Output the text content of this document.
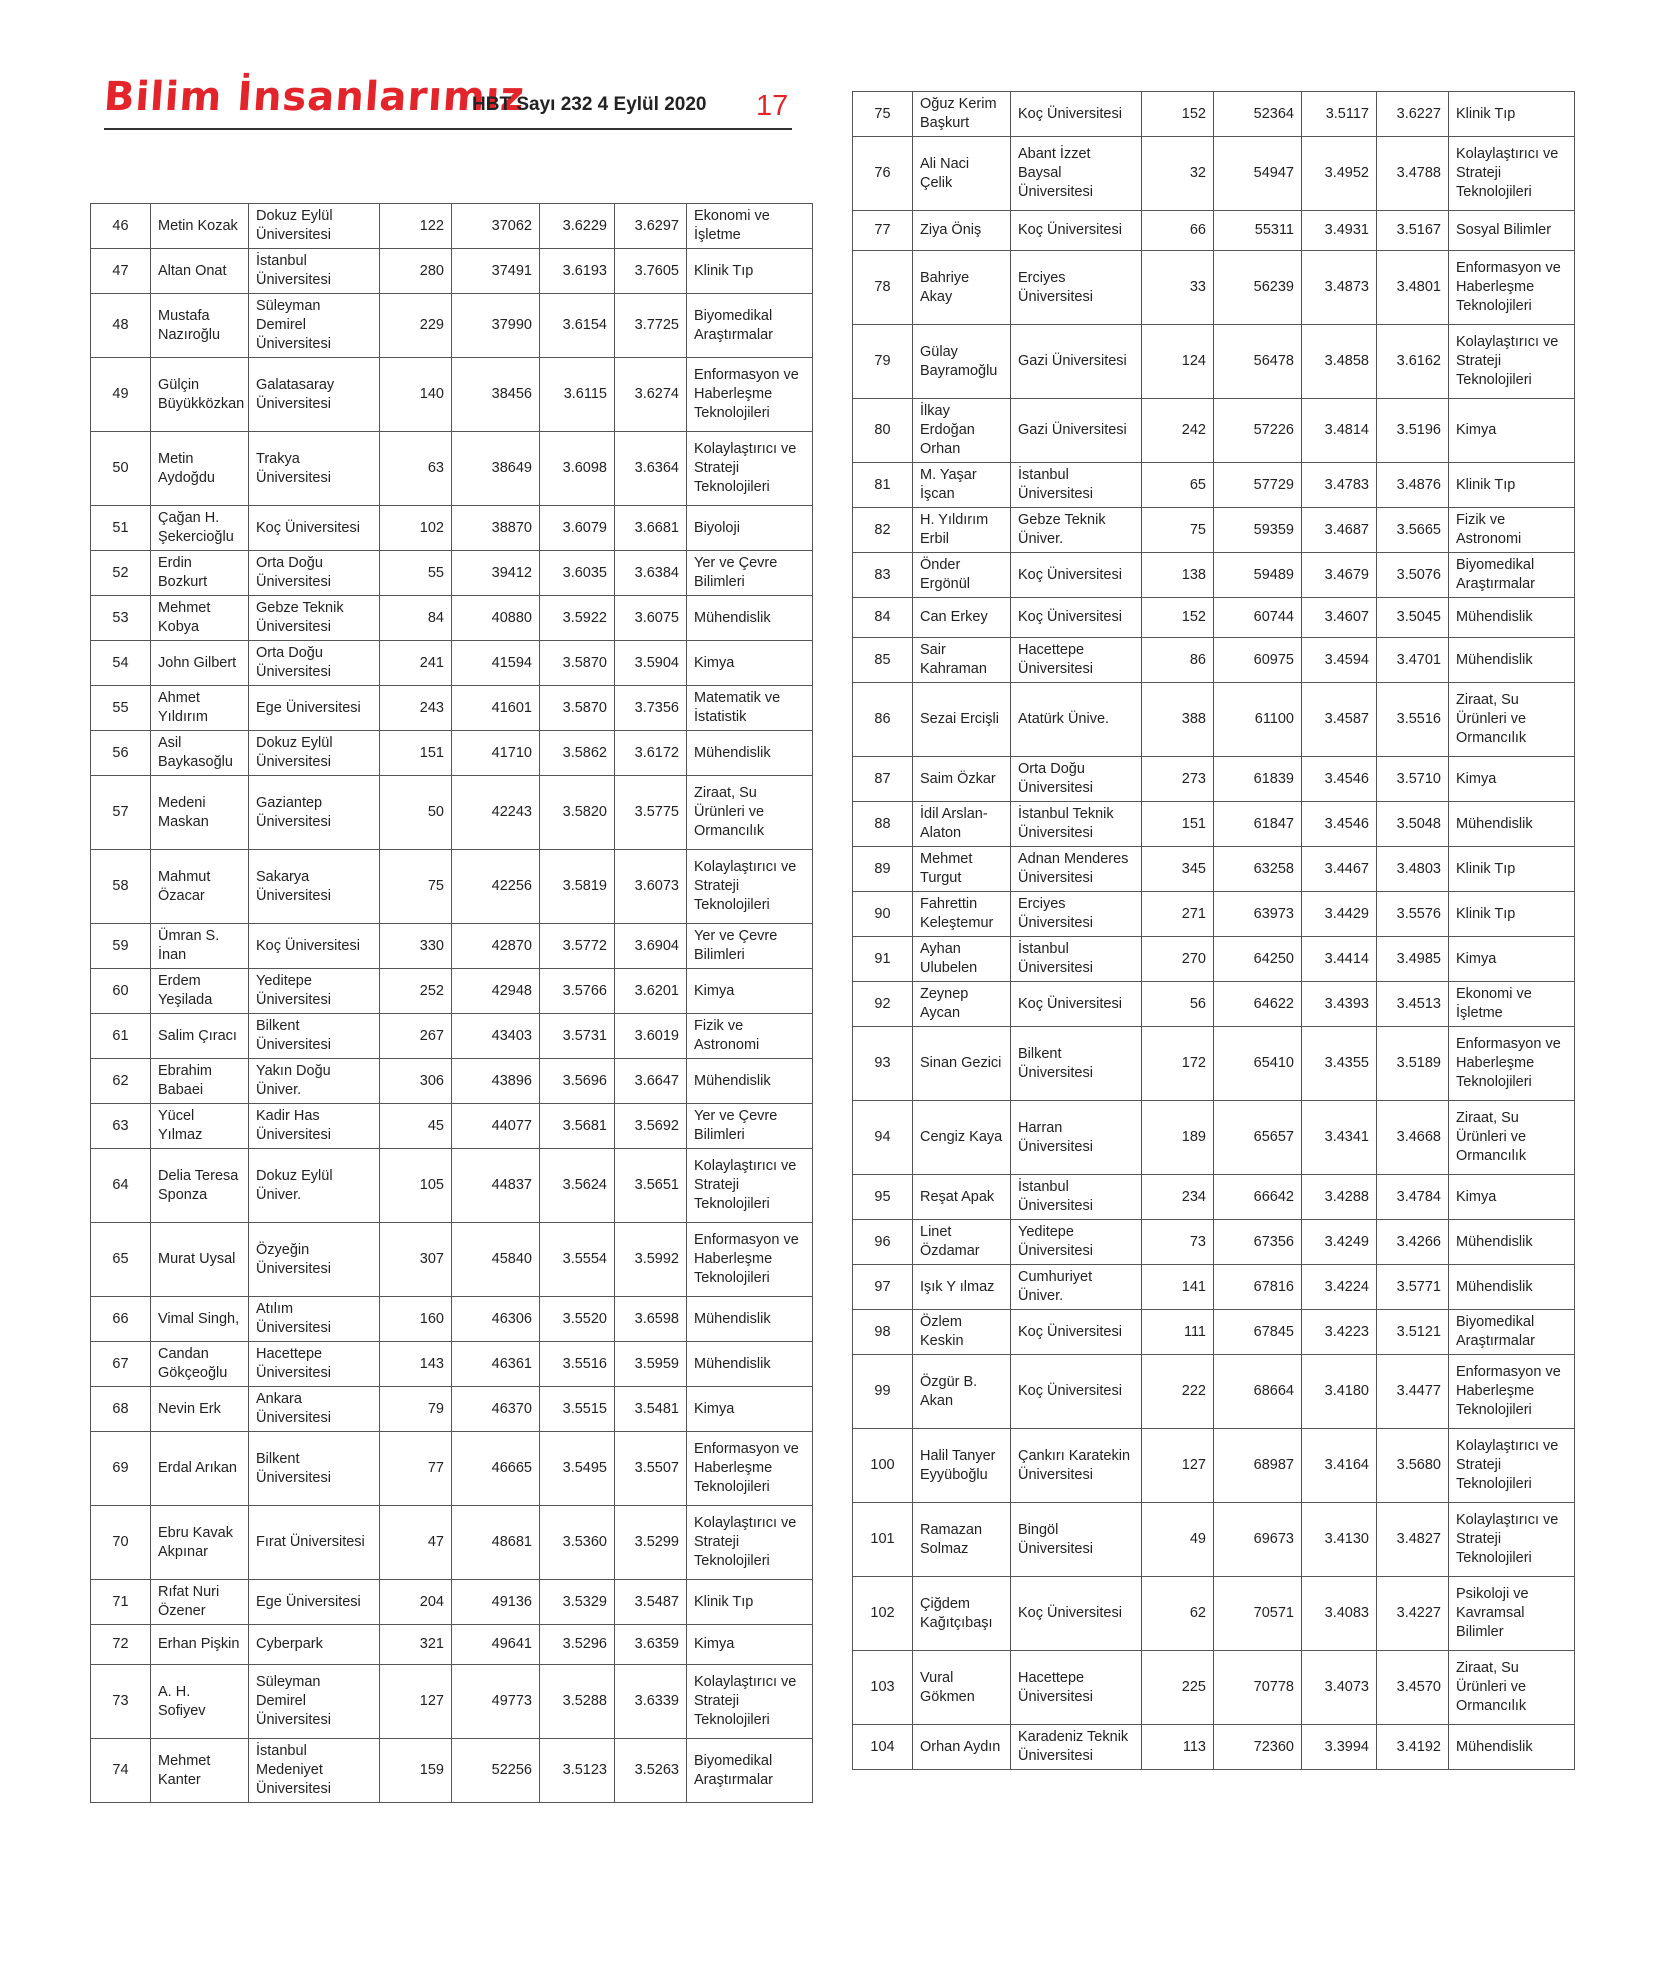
Bilim İnsanlarımız
HBT Sayı 232 4 Eylül 2020 17
46	Metin Kozak	Dokuz Eylül Üniversitesi	122	37062	3.6229	3.6297	Ekonomi ve İşletme
47	Altan Onat	İstanbul Üniversitesi	280	37491	3.6193	3.7605	Klinik Tıp
48	Mustafa Nazıroğlu	Süleyman Demirel Üniversitesi	229	37990	3.6154	3.7725	Biyomedikal Araştırmalar
49	Gülçin Büyükközkan	Galatasaray Üniversitesi	140	38456	3.6115	3.6274	Enformasyon ve Haberleşme Teknolojileri
50	Metin Aydoğdu	Trakya Üniversitesi	63	38649	3.6098	3.6364	Kolaylaştırıcı ve Strateji Teknolojileri
51	Çağan H. Şekercioğlu	Koç Üniversitesi	102	38870	3.6079	3.6681	Biyoloji
52	Erdin Bozkurt	Orta Doğu Üniversitesi	55	39412	3.6035	3.6384	Yer ve Çevre Bilimleri
53	Mehmet Kobya	Gebze Teknik Üniversitesi	84	40880	3.5922	3.6075	Mühendislik
54	John Gilbert	Orta Doğu Üniversitesi	241	41594	3.5870	3.5904	Kimya
55	Ahmet Yıldırım	Ege Üniversitesi	243	41601	3.5870	3.7356	Matematik ve İstatistik
56	Asil Baykasoğlu	Dokuz Eylül Üniversitesi	151	41710	3.5862	3.6172	Mühendislik
57	Medeni Maskan	Gaziantep Üniversitesi	50	42243	3.5820	3.5775	Ziraat, Su Ürünleri ve Ormancılık
58	Mahmut Özacar	Sakarya Üniversitesi	75	42256	3.5819	3.6073	Kolaylaştırıcı ve Strateji Teknolojileri
59	Ümran S. İnan	Koç Üniversitesi	330	42870	3.5772	3.6904	Yer ve Çevre Bilimleri
60	Erdem Yeşilada	Yeditepe Üniversitesi	252	42948	3.5766	3.6201	Kimya
61	Salim Çıracı	Bilkent Üniversitesi	267	43403	3.5731	3.6019	Fizik ve Astronomi
62	Ebrahim Babaei	Yakın Doğu Üniver.	306	43896	3.5696	3.6647	Mühendislik
63	Yücel Yılmaz	Kadir Has Üniversitesi	45	44077	3.5681	3.5692	Yer ve Çevre Bilimleri
64	Delia Teresa Sponza	Dokuz Eylül Üniver.	105	44837	3.5624	3.5651	Kolaylaştırıcı ve Strateji Teknolojileri
65	Murat Uysal	Özyeğin Üniversitesi	307	45840	3.5554	3.5992	Enformasyon ve Haberleşme Teknolojileri
66	Vimal Singh,	Atılım Üniversitesi	160	46306	3.5520	3.6598	Mühendislik
67	Candan Gökçeoğlu	Hacettepe Üniversitesi	143	46361	3.5516	3.5959	Mühendislik
68	Nevin Erk	Ankara Üniversitesi	79	46370	3.5515	3.5481	Kimya
69	Erdal Arıkan	Bilkent Üniversitesi	77	46665	3.5495	3.5507	Enformasyon ve Haberleşme Teknolojileri
70	Ebru Kavak Akpınar	Fırat Üniversitesi	47	48681	3.5360	3.5299	Kolaylaştırıcı ve Strateji Teknolojileri
71	Rıfat Nuri Özener	Ege Üniversitesi	204	49136	3.5329	3.5487	Klinik Tıp
72	Erhan Pişkin	Cyberpark	321	49641	3.5296	3.6359	Kimya
73	A. H. Sofiyev	Süleyman Demirel Üniversitesi	127	49773	3.5288	3.6339	Kolaylaştırıcı ve Strateji Teknolojileri
74	Mehmet Kanter	İstanbul Medeniyet Üniversitesi	159	52256	3.5123	3.5263	Biyomedikal Araştırmalar
75	Oğuz Kerim Başkurt	Koç Üniversitesi	152	52364	3.5117	3.6227	Klinik Tıp
76	Ali Naci Çelik	Abant İzzet Baysal Üniversitesi	32	54947	3.4952	3.4788	Kolaylaştırıcı ve Strateji Teknolojileri
77	Ziya Öniş	Koç Üniversitesi	66	55311	3.4931	3.5167	Sosyal Bilimler
78	Bahriye Akay	Erciyes Üniversitesi	33	56239	3.4873	3.4801	Enformasyon ve Haberleşme Teknolojileri
79	Gülay Bayramoğlu	Gazi Üniversitesi	124	56478	3.4858	3.6162	Kolaylaştırıcı ve Strateji Teknolojileri
80	İlkay Erdoğan Orhan	Gazi Üniversitesi	242	57226	3.4814	3.5196	Kimya
81	M. Yaşar İşcan	İstanbul Üniversitesi	65	57729	3.4783	3.4876	Klinik Tıp
82	H. Yıldırım Erbil	Gebze Teknik Üniver.	75	59359	3.4687	3.5665	Fizik ve Astronomi
83	Önder Ergönül	Koç Üniversitesi	138	59489	3.4679	3.5076	Biyomedikal Araştırmalar
84	Can Erkey	Koç Üniversitesi	152	60744	3.4607	3.5045	Mühendislik
85	Sair Kahraman	Hacettepe Üniversitesi	86	60975	3.4594	3.4701	Mühendislik
86	Sezai Ercişli	Atatürk Ünive.	388	61100	3.4587	3.5516	Ziraat, Su Ürünleri ve Ormancılık
87	Saim Özkar	Orta Doğu Üniversitesi	273	61839	3.4546	3.5710	Kimya
88	İdil Arslan-Alaton	İstanbul Teknik Üniversitesi	151	61847	3.4546	3.5048	Mühendislik
89	Mehmet Turgut	Adnan Menderes Üniversitesi	345	63258	3.4467	3.4803	Klinik Tıp
90	Fahrettin Keleştemur	Erciyes Üniversitesi	271	63973	3.4429	3.5576	Klinik Tıp
91	Ayhan Ulubelen	İstanbul Üniversitesi	270	64250	3.4414	3.4985	Kimya
92	Zeynep Aycan	Koç Üniversitesi	56	64622	3.4393	3.4513	Ekonomi ve İşletme
93	Sinan Gezici	Bilkent Üniversitesi	172	65410	3.4355	3.5189	Enformasyon ve Haberleşme Teknolojileri
94	Cengiz Kaya	Harran Üniversitesi	189	65657	3.4341	3.4668	Ziraat, Su Ürünleri ve Ormancılık
95	Reşat Apak	İstanbul Üniversitesi	234	66642	3.4288	3.4784	Kimya
96	Linet Özdamar	Yeditepe Üniversitesi	73	67356	3.4249	3.4266	Mühendislik
97	Işık Y ılmaz	Cumhuriyet Üniver.	141	67816	3.4224	3.5771	Mühendislik
98	Özlem Keskin	Koç Üniversitesi	111	67845	3.4223	3.5121	Biyomedikal Araştırmalar
99	Özgür B. Akan	Koç Üniversitesi	222	68664	3.4180	3.4477	Enformasyon ve Haberleşme Teknolojileri
100	Halil Tanyer Eyyüboğlu	Çankırı Karatekin Üniversitesi	127	68987	3.4164	3.5680	Kolaylaştırıcı ve Strateji Teknolojileri
101	Ramazan Solmaz	Bingöl Üniversitesi	49	69673	3.4130	3.4827	Kolaylaştırıcı ve Strateji Teknolojileri
102	Çiğdem Kağıtçıbaşı	Koç Üniversitesi	62	70571	3.4083	3.4227	Psikoloji ve Kavramsal Bilimler
103	Vural Gökmen	Hacettepe Üniversitesi	225	70778	3.4073	3.4570	Ziraat, Su Ürünleri ve Ormancılık
104	Orhan Aydın	Karadeniz Teknik Üniversitesi	113	72360	3.3994	3.4192	Mühendislik
